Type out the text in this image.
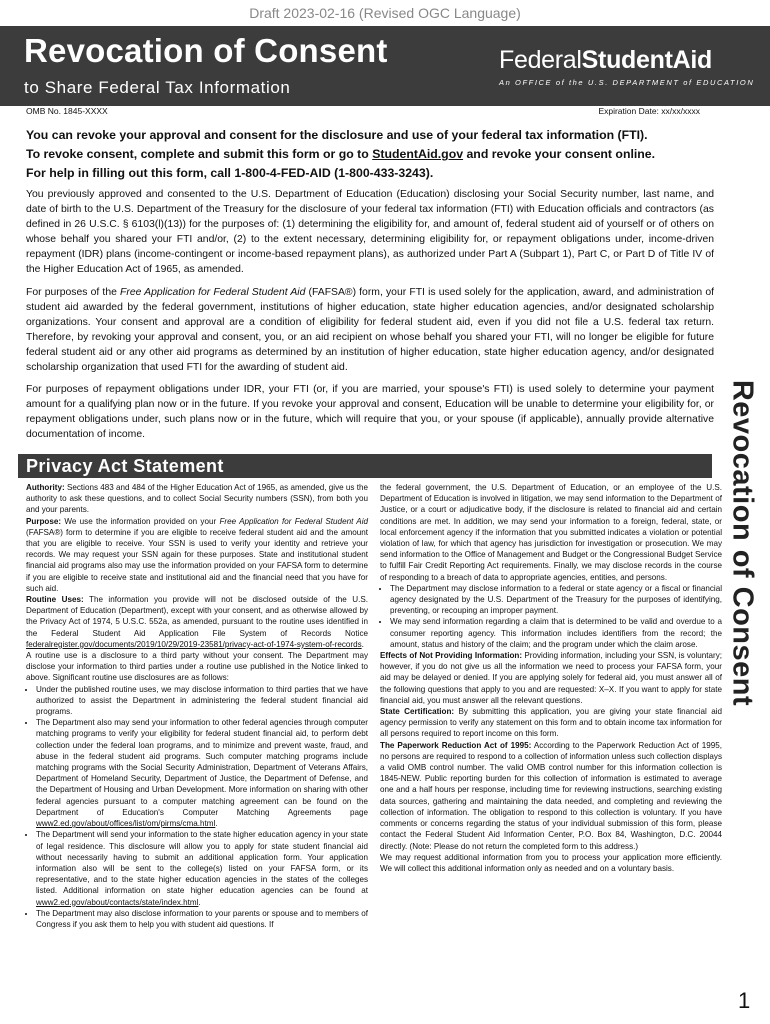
Draft 2023-02-16 (Revised OGC Language)
Revocation of Consent
to Share Federal Tax Information
FederalStudentAid
An OFFICE of the U.S. DEPARTMENT of EDUCATION
OMB No. 1845-XXXX	Expiration Date: xx/xx/xxxx
You can revoke your approval and consent for the disclosure and use of your federal tax information (FTI).
To revoke consent, complete and submit this form or go to StudentAid.gov and revoke your consent online.
For help in filling out this form, call 1-800-4-FED-AID (1-800-433-3243).
You previously approved and consented to the U.S. Department of Education (Education) disclosing your Social Security number, last name, and date of birth to the U.S. Department of the Treasury for the disclosure of your federal tax information (FTI) with Education officials and contractors (as defined in 26 U.S.C. § 6103(l)(13)) for the purposes of: (1) determining the eligibility for, and amount of, federal student aid of yourself or of others on whose behalf you shared your FTI and/or, (2) to the extent necessary, determining eligibility for, or repayment obligations under, income-driven repayment (IDR) plans (income-contingent or income-based repayment plans), as authorized under Part A (Subpart 1), Part C, or Part D of Title IV of the Higher Education Act of 1965, as amended.
For purposes of the Free Application for Federal Student Aid (FAFSA®) form, your FTI is used solely for the application, award, and administration of student aid awarded by the federal government, institutions of higher education, state higher education agencies, and/or designated scholarship organizations. Your consent and approval are a condition of eligibility for federal student aid, even if you did not file a U.S. federal tax return. Therefore, by revoking your approval and consent, you, or an aid recipient on whose behalf you shared your FTI, will no longer be eligible for future federal student aid or any other aid programs as determined by an institution of higher education, state higher education agency, and/or designated scholarship organization that used FTI for the awarding of student aid.
For purposes of repayment obligations under IDR, your FTI (or, if you are married, your spouse's FTI) is used solely to determine your payment amount for a qualifying plan now or in the future. If you revoke your approval and consent, Education will be unable to determine your eligibility for, or repayment obligations under, such plans now or in the future, which will require that you, or your spouse (if applicable), annually provide alternative documentation of income.	Revocation of Consent
Privacy Act Statement

Authority: Sections 483 and 484 of the Higher Education Act of 1965, as amended, give us the authority to ask these questions, and to collect Social Security numbers (SSN), from both you and your parents.

Purpose: We use the information provided on your Free Application for Federal Student Aid (FAFSA®) form to determine if you are eligible to receive federal student aid and the amount that you are eligible to receive. Your SSN is used to verify your identity and retrieve your records. We may request your SSN again for these purposes. State and institutional student financial aid programs also may use the information provided on your FAFSA form to determine if you are eligible to receive state and institutional aid and the financial need that you have for such aid.

Routine Uses: The information you provide will not be disclosed outside of the U.S. Department of Education (Department), except with your consent, and as otherwise allowed by the Privacy Act of 1974, 5 U.S.C. 552a, as amended, pursuant to the routine uses identified in the Federal Student Aid Application File System of Records Notice federalregister.gov/documents/2019/10/29/2019-23581/privacy-act-of-1974-system-of-records. A routine use is a disclosure to a third party without your consent. The Department may disclose your information to third parties under a routine use published in the Notice linked to above. Significant routine use disclosures are as follows:

• Under the published routine uses, we may disclose information to third parties that we have authorized to assist the Department in administering the federal student financial aid programs.
• The Department also may send your information to other federal agencies through computer matching programs to verify your eligibility for federal student financial aid, to perform debt collection under the federal loan programs, and to minimize and prevent waste, fraud, and abuse in the federal student aid programs. Such computer matching programs include matching programs with the Social Security Administration, Department of Veterans Affairs, Department of Homeland Security, Department of Justice, the Department of Defense, and the Department of Housing and Urban Development. More information on sharing with other federal agencies pursuant to a computer matching agreement can be found on the Department of Education's Computer Matching Agreements page www2.ed.gov/about/offices/list/om/pirms/cma.html.
• The Department will send your information to the state higher education agency in your state of legal residence. This disclosure will allow you to apply for state student financial aid without necessarily having to submit an additional application form. Your application information also will be sent to the college(s) listed on your FAFSA form, or its representative, and to the state higher education agencies in the states of the colleges listed. Additional information on state higher education agencies can be found at www2.ed.gov/about/contacts/state/index.html.
• The Department may also disclose information to your parents or spouse and to members of Congress if you ask them to help you with student aid questions. If

the federal government, the U.S. Department of Education, or an employee of the U.S. Department of Education is involved in litigation, we may send information to the Department of Justice, or a court or adjudicative body, if the disclosure is related to financial aid and certain conditions are met. In addition, we may send your information to a foreign, federal, state, or local enforcement agency if the information that you submitted indicates a violation or potential violation of law, for which that agency has jurisdiction for investigation or prosecution. We may send information to the Office of Management and Budget or the Congressional Budget Service to fulfill Fair Credit Reporting Act requirements. Finally, we may disclose records in the course of responding to a breach of data to appropriate agencies, entities, and persons.

• The Department may disclose information to a federal or state agency or a fiscal or financial agency designated by the U.S. Department of the Treasury for the purposes of identifying, preventing, or recouping an improper payment.
• We may send information regarding a claim that is determined to be valid and overdue to a consumer reporting agency. This information includes identifiers from the record; the amount, status and history of the claim; and the program under which the claim arose.

Effects of Not Providing Information: Providing information, including your SSN, is voluntary; however, if you do not give us all the information we need to process your FAFSA form, your aid may be delayed or denied. If you are applying solely for federal aid, you must answer all of the following questions that apply to you and are requested: X–X. If you want to apply for state financial aid, you must answer all the relevant questions.

State Certification: By submitting this application, you are giving your state financial aid agency permission to verify any statement on this form and to obtain income tax information for all persons required to report income on this form.

The Paperwork Reduction Act of 1995: According to the Paperwork Reduction Act of 1995, no persons are required to respond to a collection of information unless such collection displays a valid OMB control number. The valid OMB control number for this information collection is 1845-NEW. Public reporting burden for this collection of information is estimated to average one and a half hours per response, including time for reviewing instructions, searching existing data sources, gathering and maintaining the data needed, and completing and reviewing the collection of information. The obligation to respond to this collection is voluntary. If you have comments or concerns regarding the status of your individual submission of this form, please contact the Federal Student Aid Information Center, P.O. Box 84, Washington, D.C. 20044 directly. (Note: Please do not return the completed form to this address.)

We may request additional information from you to process your application more efficiently. We will collect this additional information only as needed and on a voluntary basis.

1
